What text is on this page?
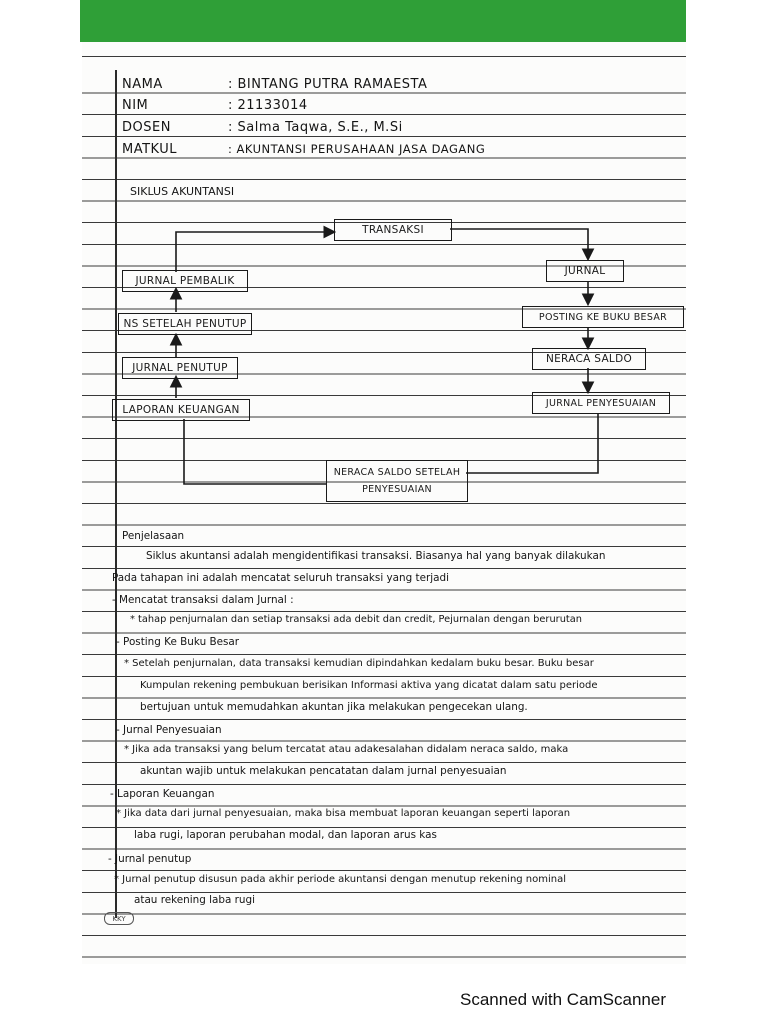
NAMA	: BINTANG PUTRA RAMAESTA
NIM	: 21133014
DOSEN	: Salma Taqwa, S.E., M.Si
MATKUL	: AKUNTANSI PERUSAHAAN JASA DAGANG
SIKLUS AKUNTANSI
TRANSAKSI
JURNAL
POSTING KE BUKU BESAR
NERACA SALDO
JURNAL PENYESUAIAN
NERACA SALDO SETELAH
PENYESUAIAN
LAPORAN KEUANGAN
JURNAL PENUTUP
NS SETELAH PENUTUP
JURNAL PEMBALIK
Penjelasaan
Siklus akuntansi adalah mengidentifikasi transaksi. Biasanya hal yang banyak dilakukan
Pada tahapan ini adalah mencatat seluruh transaksi yang terjadi
- Mencatat transaksi dalam Jurnal :
* tahap penjurnalan dan setiap transaksi ada debit dan credit, Pejurnalan dengan berurutan
- Posting Ke Buku Besar
* Setelah penjurnalan, data transaksi kemudian dipindahkan kedalam buku besar. Buku besar
Kumpulan rekening pembukuan berisikan Informasi aktiva yang dicatat dalam satu periode
bertujuan untuk memudahkan akuntan jika melakukan pengecekan ulang.
- Jurnal Penyesuaian
* Jika ada transaksi yang belum tercatat atau adakesalahan didalam neraca saldo, maka
akuntan wajib untuk melakukan pencatatan dalam jurnal penyesuaian
- Laporan Keuangan
* Jika data dari jurnal penyesuaian, maka bisa membuat laporan keuangan seperti laporan
laba rugi, laporan perubahan modal, dan laporan arus kas
- Jurnal penutup
* Jurnal penutup disusun pada akhir periode akuntansi dengan menutup rekening nominal
atau rekening laba rugi
KKY
Scanned with CamScanner
